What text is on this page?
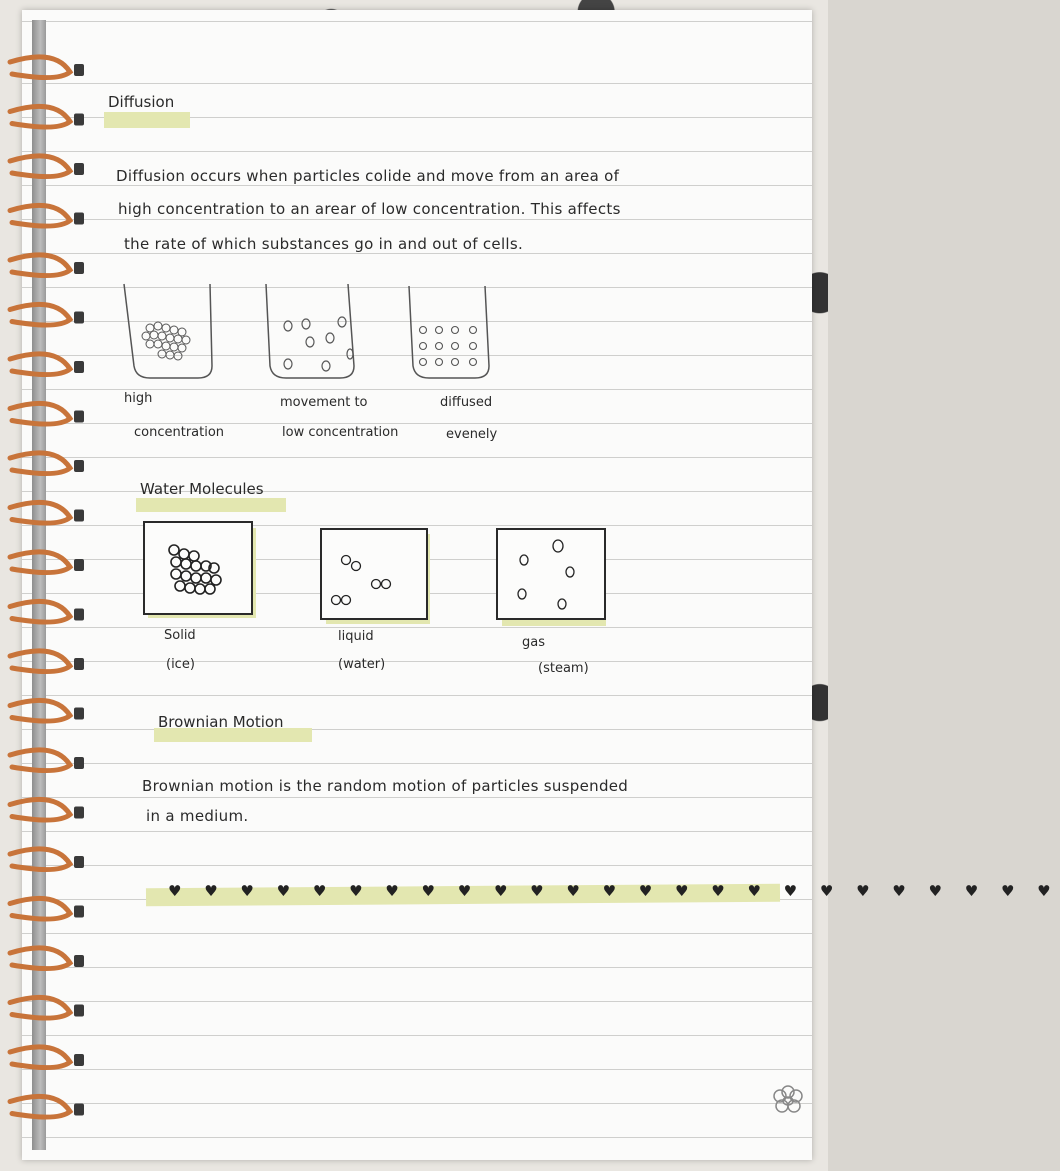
Diffusion
Diffusion occurs when particles colide and move from an area of
high concentration to an arear of low concentration. This affects
the rate of which substances go in and out of cells.
high
concentration
movement to
low concentration
diffused
evenely
Water Molecules
Solid
(ice)
liquid
(water)
gas
(steam)
Brownian Motion
Brownian motion is the random motion of particles suspended
in a medium.
♥ ♥ ♥ ♥ ♥ ♥ ♥ ♥ ♥ ♥ ♥ ♥ ♥ ♥ ♥ ♥ ♥ ♥ ♥ ♥ ♥ ♥ ♥ ♥ ♥
